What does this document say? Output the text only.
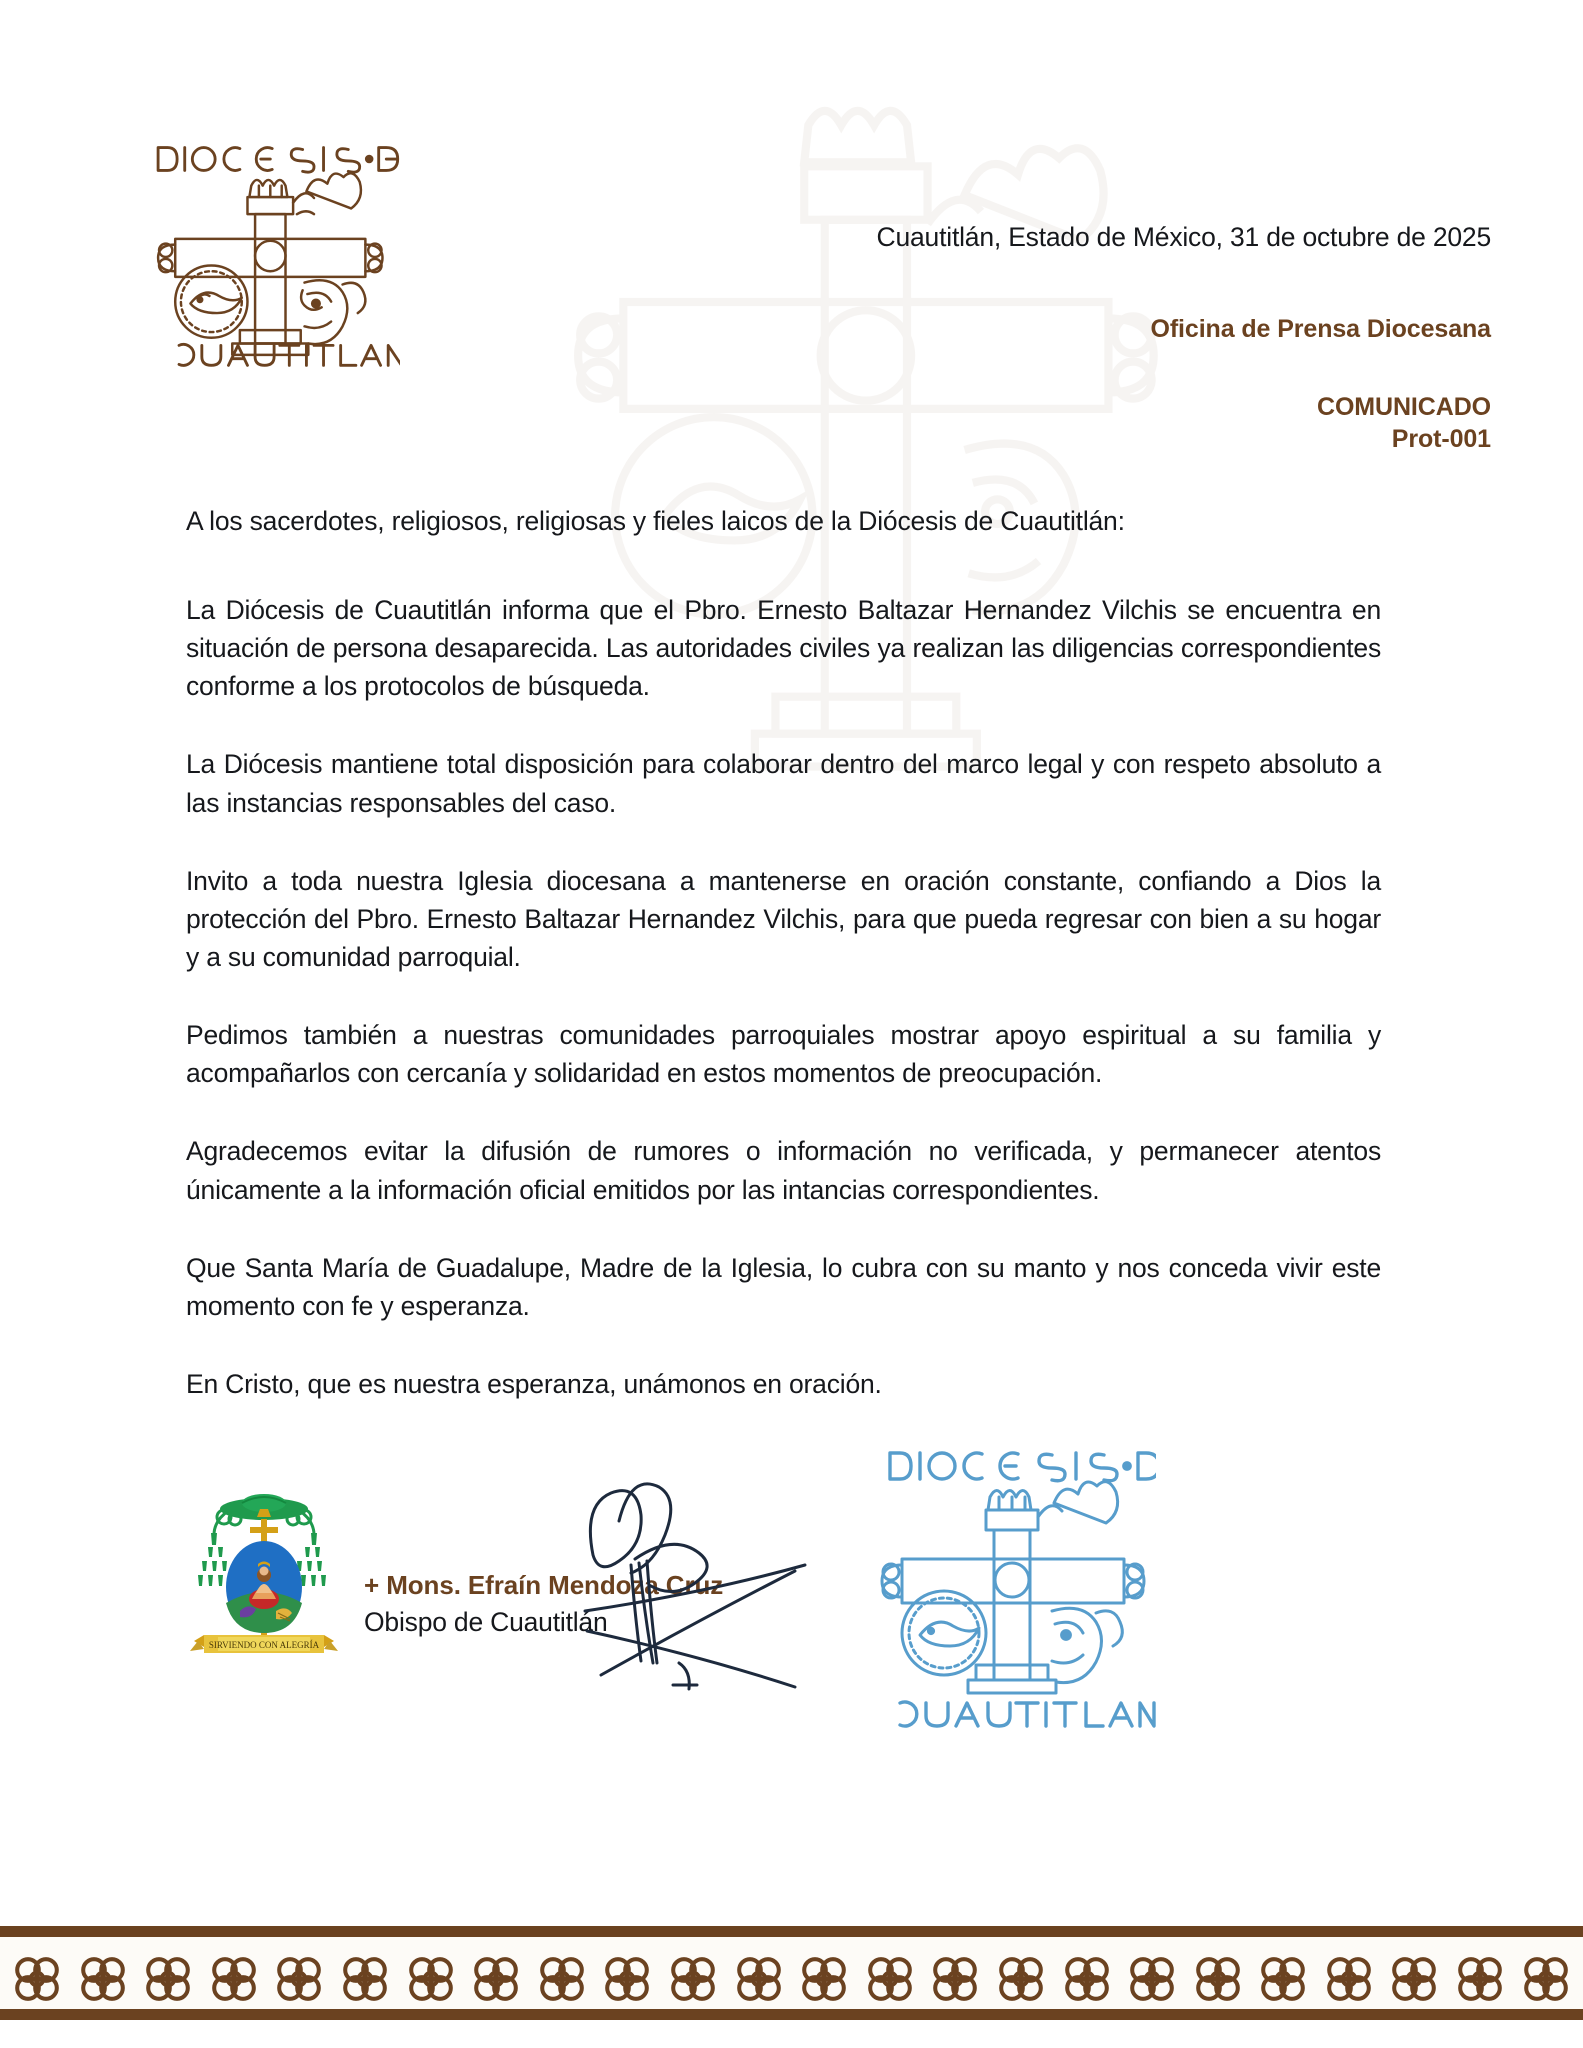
Cuautitlán, Estado de México, 31 de octubre de 2025
Oficina de Prensa Diocesana
COMUNICADO
Prot-001
A los sacerdotes, religiosos, religiosas y fieles laicos de la Diócesis de Cuautitlán:
La Diócesis de Cuautitlán informa que el Pbro. Ernesto Baltazar Hernandez Vilchis se encuentra en situación de persona desaparecida. Las autoridades civiles ya realizan las diligencias correspondientes conforme a los protocolos de búsqueda.
La Diócesis mantiene total disposición para colaborar dentro del marco legal y con respeto absoluto a las instancias responsables del caso.
Invito a toda nuestra Iglesia diocesana a mantenerse en oración constante, confiando a Dios la protección del Pbro. Ernesto Baltazar Hernandez Vilchis, para que pueda regresar con bien a su hogar y a su comunidad parroquial.
Pedimos también a nuestras comunidades parroquiales mostrar apoyo espiritual a su familia y acompañarlos con cercanía y solidaridad en estos momentos de preocupación.
Agradecemos evitar la difusión de rumores o información no verificada, y permanecer atentos únicamente a la información oficial emitidos por las intancias correspondientes.
Que Santa María de Guadalupe, Madre de la Iglesia, lo cubra con su manto y nos conceda vivir este momento con fe y esperanza.
En Cristo, que es nuestra esperanza, unámonos en oración.
SIRVIENDO CON ALEGRÍA
+ Mons. Efraín Mendoza Cruz
Obispo de Cuautitlán
